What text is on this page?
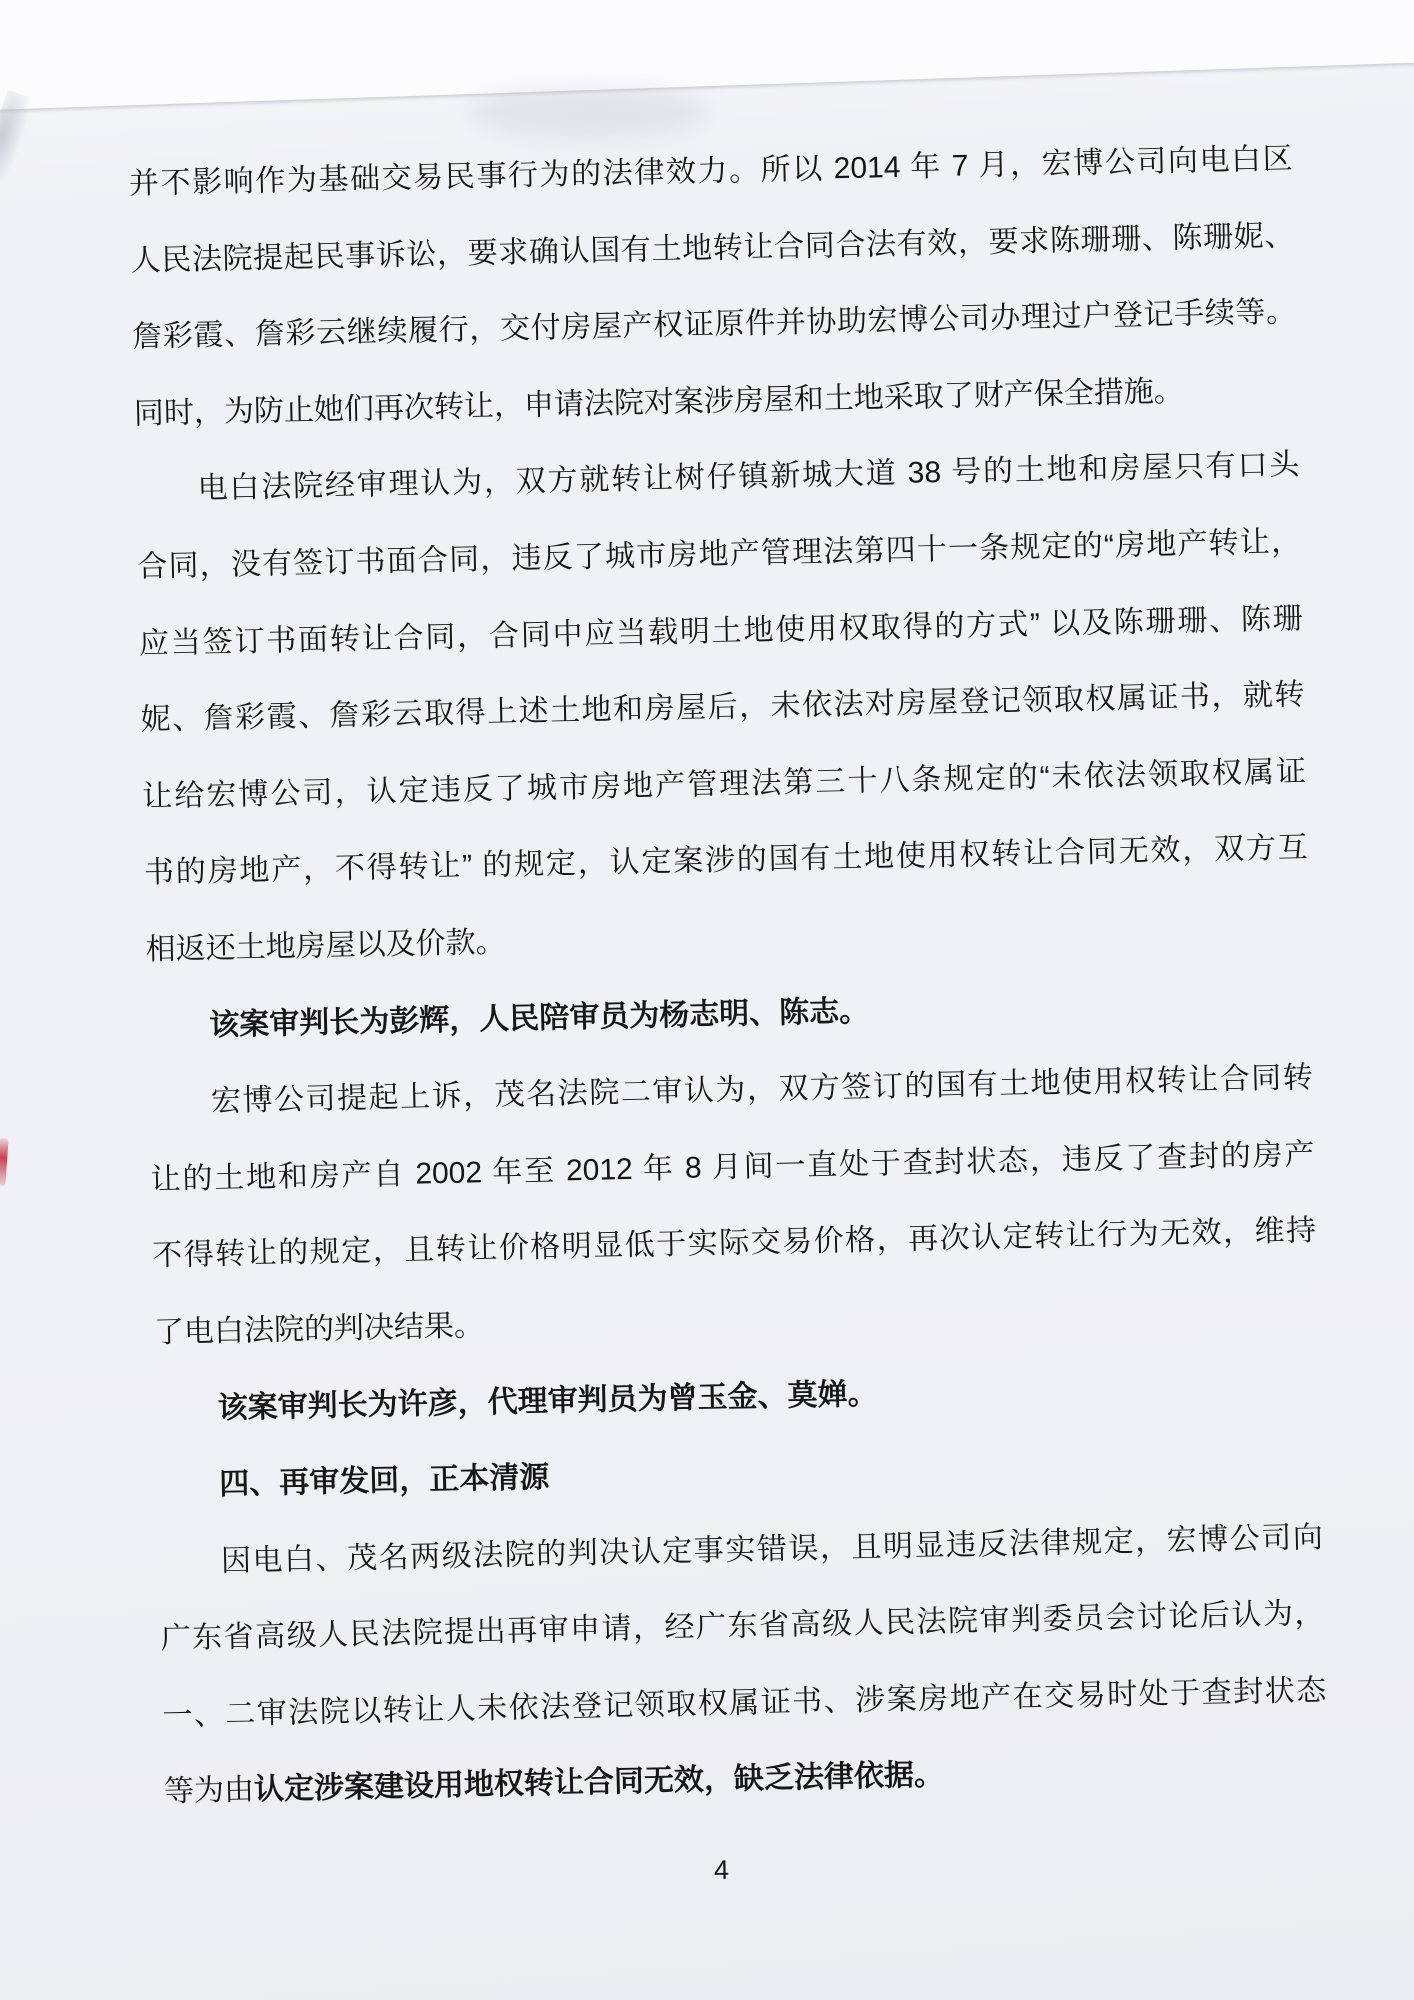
并不影响作为基础交易民事行为的法律效力。所以 2014 年 7 月，宏博公司向电白区
人民法院提起民事诉讼，要求确认国有土地转让合同合法有效，要求陈珊珊、陈珊妮、
詹彩霞、詹彩云继续履行，交付房屋产权证原件并协助宏博公司办理过户登记手续等。
同时，为防止她们再次转让，申请法院对案涉房屋和土地采取了财产保全措施。
电白法院经审理认为，双方就转让树仔镇新城大道 38 号的土地和房屋只有口头
合同，没有签订书面合同，违反了城市房地产管理法第四十一条规定的“房地产转让，
应当签订书面转让合同，合同中应当载明土地使用权取得的方式” 以及陈珊珊、陈珊
妮、詹彩霞、詹彩云取得上述土地和房屋后，未依法对房屋登记领取权属证书，就转
让给宏博公司，认定违反了城市房地产管理法第三十八条规定的“未依法领取权属证
书的房地产，不得转让” 的规定，认定案涉的国有土地使用权转让合同无效，双方互
相返还土地房屋以及价款。
该案审判长为彭辉，人民陪审员为杨志明、陈志。
宏博公司提起上诉，茂名法院二审认为，双方签订的国有土地使用权转让合同转
让的土地和房产自 2002 年至 2012 年 8 月间一直处于查封状态，违反了查封的房产
不得转让的规定，且转让价格明显低于实际交易价格，再次认定转让行为无效，维持
了电白法院的判决结果。
该案审判长为许彦，代理审判员为曾玉金、莫婵。
四、再审发回，正本清源
因电白、茂名两级法院的判决认定事实错误，且明显违反法律规定，宏博公司向
广东省高级人民法院提出再审申请，经广东省高级人民法院审判委员会讨论后认为，
一、二审法院以转让人未依法登记领取权属证书、涉案房地产在交易时处于查封状态
等为由认定涉案建设用地权转让合同无效，缺乏法律依据。
4
